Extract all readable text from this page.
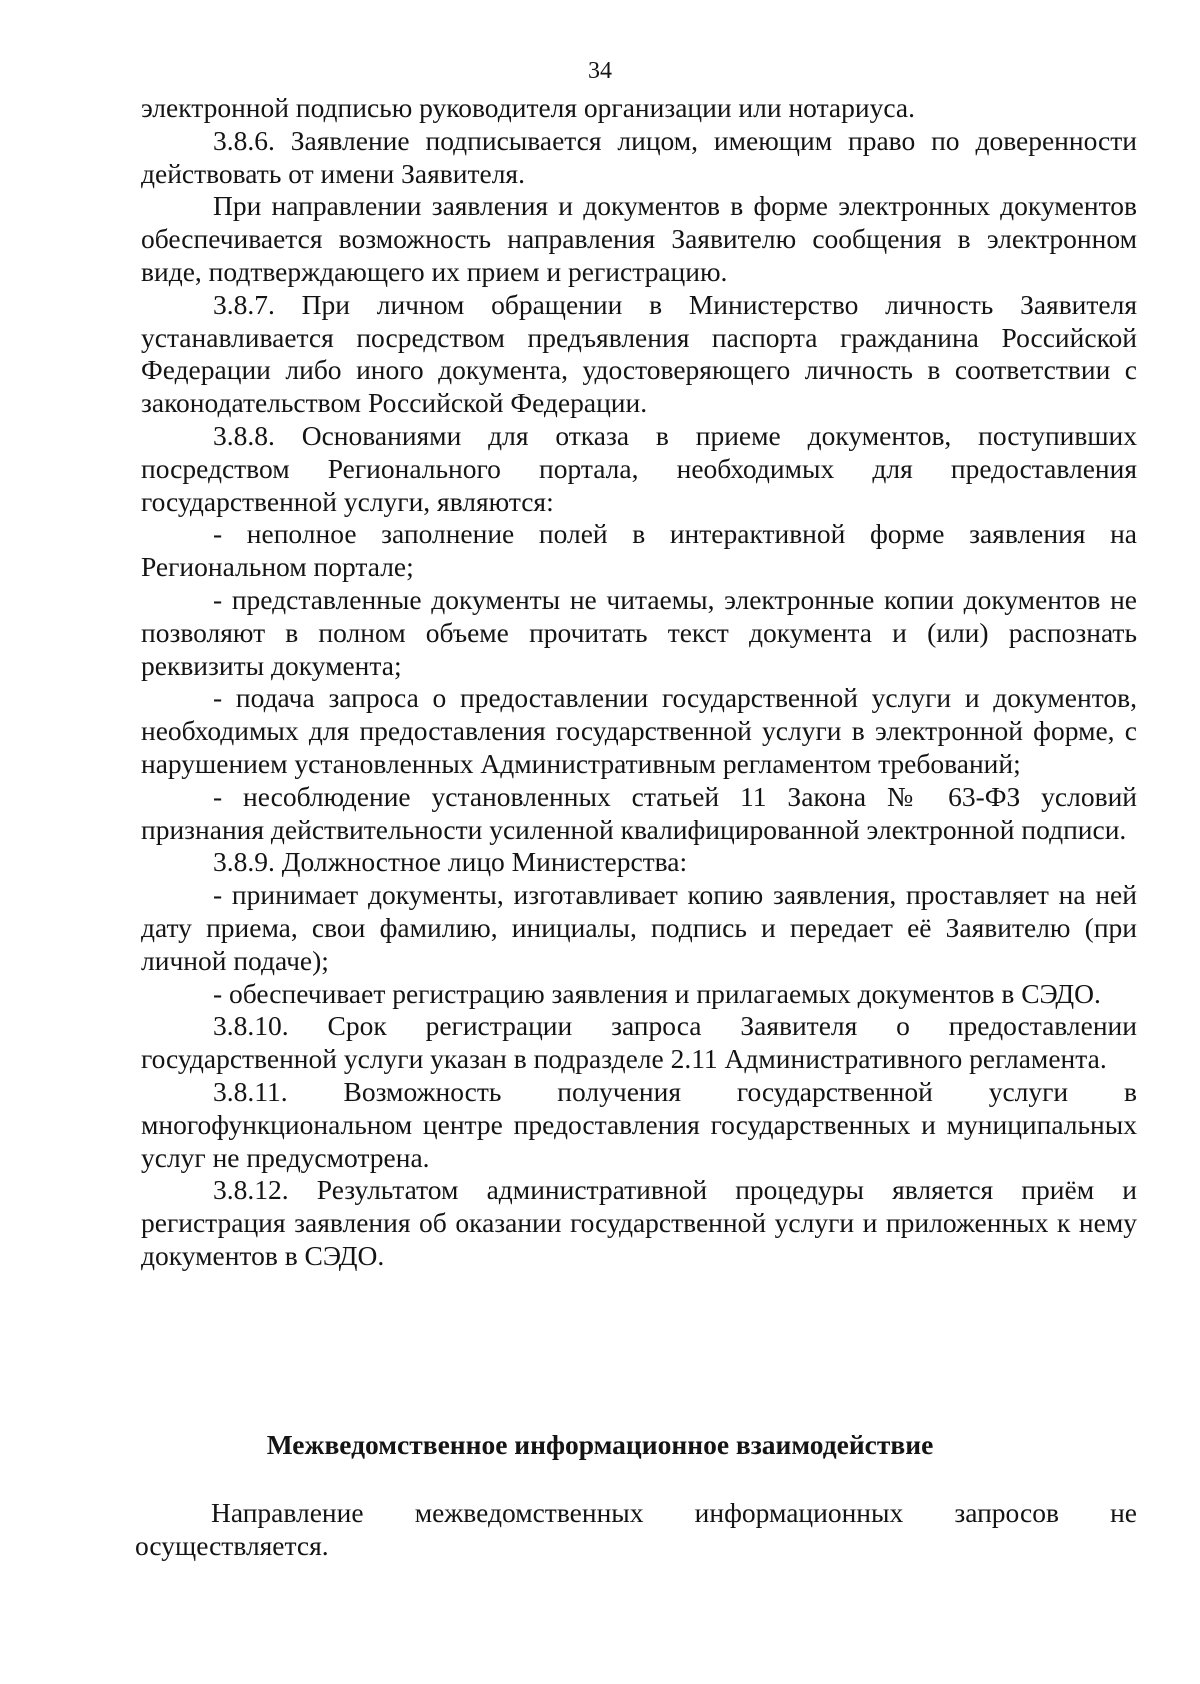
34

электронной подписью руководителя организации или нотариуса.

3.8.6. Заявление подписывается лицом, имеющим право по доверенности действовать от имени Заявителя.

При направлении заявления и документов в форме электронных документов обеспечивается возможность направления Заявителю сообщения в электронном виде, подтверждающего их прием и регистрацию.

3.8.7. При личном обращении в Министерство личность Заявителя устанавливается посредством предъявления паспорта гражданина Российской Федерации либо иного документа, удостоверяющего личность в соответствии с законодательством Российской Федерации.

3.8.8. Основаниями для отказа в приеме документов, поступивших посредством Регионального портала, необходимых для предоставления государственной услуги, являются:

- неполное заполнение полей в интерактивной форме заявления на Региональном портале;

- представленные документы не читаемы, электронные копии документов не позволяют в полном объеме прочитать текст документа и (или) распознать реквизиты документа;

- подача запроса о предоставлении государственной услуги и документов, необходимых для предоставления государственной услуги в электронной форме, с нарушением установленных Административным регламентом требований;

- несоблюдение установленных статьей 11 Закона № 63-ФЗ условий признания действительности усиленной квалифицированной электронной подписи.

3.8.9. Должностное лицо Министерства:

- принимает документы, изготавливает копию заявления, проставляет на ней дату приема, свои фамилию, инициалы, подпись и передает её Заявителю (при личной подаче);

- обеспечивает регистрацию заявления и прилагаемых документов в СЭДО.

3.8.10. Срок регистрации запроса Заявителя о предоставлении государственной услуги указан в подразделе 2.11 Административного регламента.

3.8.11. Возможность получения государственной услуги в многофункциональном центре предоставления государственных и муниципальных услуг не предусмотрена.

3.8.12. Результатом административной процедуры является приём и регистрация заявления об оказании государственной услуги и приложенных к нему документов в СЭДО.

Межведомственное информационное взаимодействие

Направление межведомственных информационных запросов не осуществляется.
